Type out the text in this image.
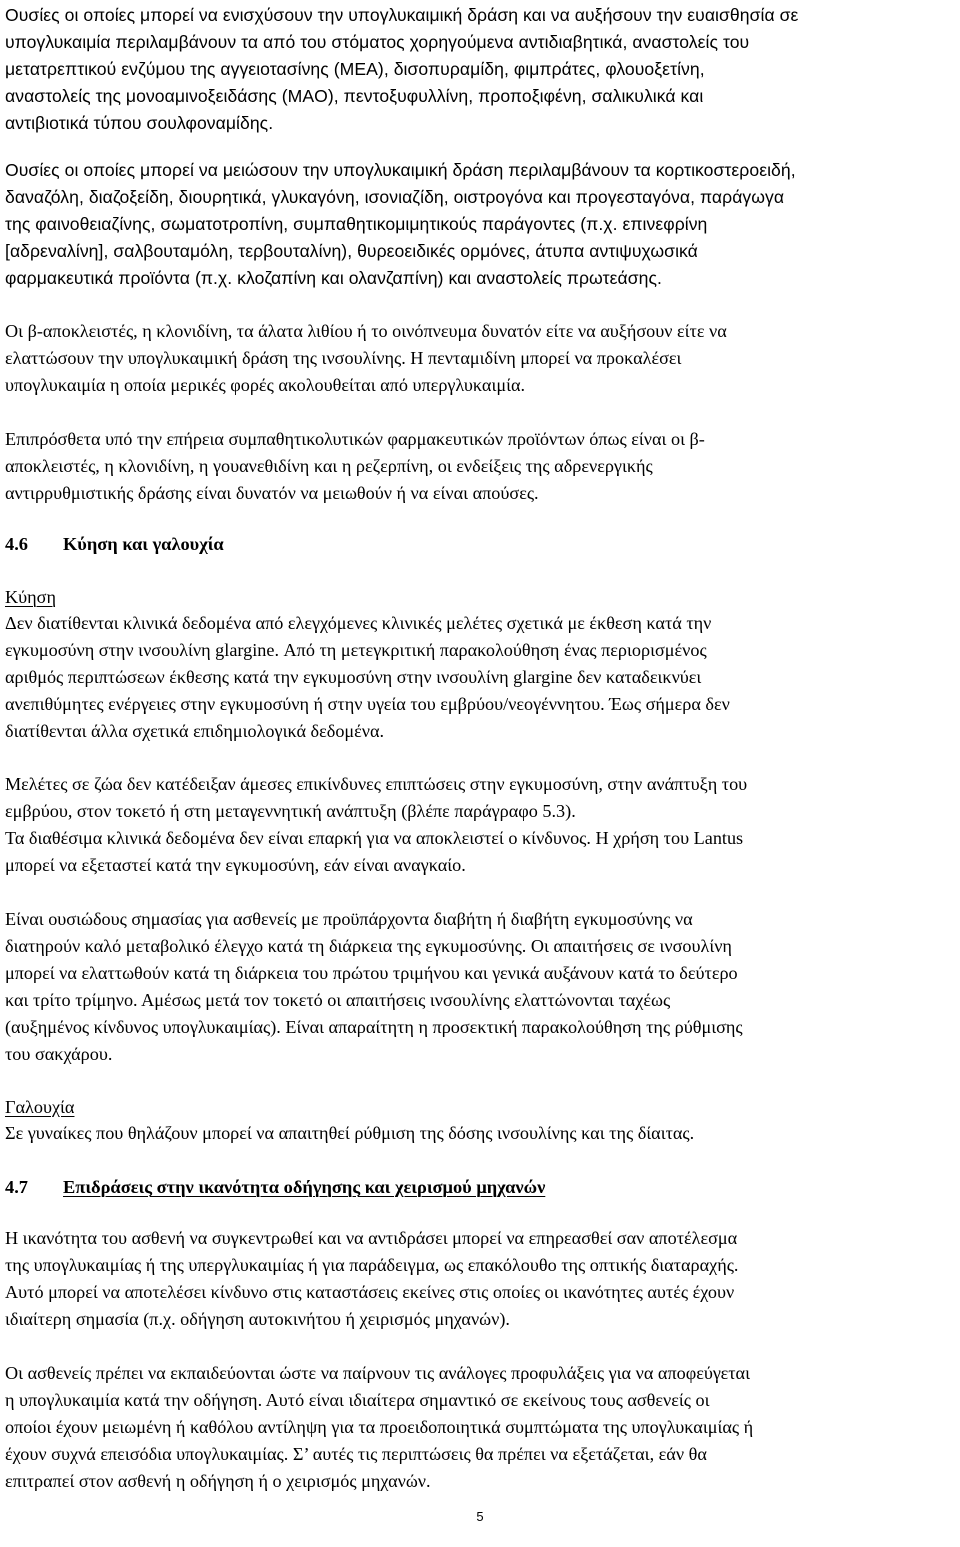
Ουσίες οι οποίες μπορεί να ενισχύσουν την υπογλυκαιμική δράση και να αυξήσουν την ευαισθησία σε
υπογλυκαιμία περιλαμβάνουν τα από του στόματος χορηγούμενα αντιδιαβητικά, αναστολείς του
μετατρεπτικού ενζύμου της αγγειοτασίνης (MEA), δισοπυραμίδη, φιμπράτες, φλουοξετίνη,
αναστολείς της μονοαμινοξειδάσης (MAO), πεντοξυφυλλίνη, προποξιφένη, σαλικυλικά και
αντιβιοτικά τύπου σουλφοναμίδης.
Ουσίες οι οποίες μπορεί να μειώσουν την υπογλυκαιμική δράση περιλαμβάνουν τα κορτικοστεροειδή,
δαναζόλη, διαζοξείδη, διουρητικά, γλυκαγόνη, ισονιαζίδη, οιστρογόνα και προγεσταγόνα, παράγωγα
της φαινοθειαζίνης, σωματοτροπίνη, συμπαθητικομιμητικούς παράγοντες (π.χ. επινεφρίνη
[αδρεναλίνη], σαλβουταμόλη, τερβουταλίνη), θυρεοειδικές ορμόνες, άτυπα αντιψυχωσικά
φαρμακευτικά προϊόντα (π.χ. κλοζαπίνη και ολανζαπίνη) και αναστολείς πρωτεάσης.
Οι β-αποκλειστές, η κλονιδίνη, τα άλατα λιθίου ή το οινόπνευμα δυνατόν είτε να αυξήσουν είτε να
ελαττώσουν την υπογλυκαιμική δράση της ινσουλίνης. Η πενταμιδίνη μπορεί να προκαλέσει
υπογλυκαιμία η οποία μερικές φορές ακολουθείται από υπεργλυκαιμία.
Επιπρόσθετα υπό την επήρεια συμπαθητικολυτικών φαρμακευτικών προϊόντων όπως είναι οι β-
αποκλειστές, η κλονιδίνη, η γουανεθιδίνη και η ρεζερπίνη, οι ενδείξεις της αδρενεργικής
αντιρρυθμιστικής δράσης είναι δυνατόν να μειωθούν ή να είναι απούσες.
4.6 Κύηση και γαλουχία
Κύηση
Δεν διατίθενται κλινικά δεδομένα από ελεγχόμενες κλινικές μελέτες σχετικά με έκθεση κατά την
εγκυμοσύνη στην ινσουλίνη glargine. Από τη μετεγκριτική παρακολούθηση ένας περιορισμένος
αριθμός περιπτώσεων έκθεσης κατά την εγκυμοσύνη στην ινσουλίνη glargine δεν καταδεικνύει
ανεπιθύμητες ενέργειες στην εγκυμοσύνη ή στην υγεία του εμβρύου/νεογέννητου. Έως σήμερα δεν
διατίθενται άλλα σχετικά επιδημιολογικά δεδομένα.
Μελέτες σε ζώα δεν κατέδειξαν άμεσες επικίνδυνες επιπτώσεις στην εγκυμοσύνη, στην ανάπτυξη του
εμβρύου, στον τοκετό ή στη μεταγεννητική ανάπτυξη (βλέπε παράγραφο 5.3).
Τα διαθέσιμα κλινικά δεδομένα δεν είναι επαρκή για να αποκλειστεί ο κίνδυνος. Η χρήση του Lantus
μπορεί να εξεταστεί κατά την εγκυμοσύνη, εάν είναι αναγκαίο.
Είναι ουσιώδους σημασίας για ασθενείς με προϋπάρχοντα διαβήτη ή διαβήτη εγκυμοσύνης να
διατηρούν καλό μεταβολικό έλεγχο κατά τη διάρκεια της εγκυμοσύνης. Οι απαιτήσεις σε ινσουλίνη
μπορεί να ελαττωθούν κατά τη διάρκεια του πρώτου τριμήνου και γενικά αυξάνουν κατά το δεύτερο
και τρίτο τρίμηνο. Αμέσως μετά τον τοκετό οι απαιτήσεις ινσουλίνης ελαττώνονται ταχέως
(αυξημένος κίνδυνος υπογλυκαιμίας). Είναι απαραίτητη η προσεκτική παρακολούθηση της ρύθμισης
του σακχάρου.
Γαλουχία
Σε γυναίκες που θηλάζουν μπορεί να απαιτηθεί ρύθμιση της δόσης ινσουλίνης και της δίαιτας.
4.7 Επιδράσεις στην ικανότητα οδήγησης και χειρισμού μηχανών
Η ικανότητα του ασθενή να συγκεντρωθεί και να αντιδράσει μπορεί να επηρεασθεί σαν αποτέλεσμα
της υπογλυκαιμίας ή της υπεργλυκαιμίας ή για παράδειγμα, ως επακόλουθο της οπτικής διαταραχής.
Αυτό μπορεί να αποτελέσει κίνδυνο στις καταστάσεις εκείνες στις οποίες οι ικανότητες αυτές έχουν
ιδιαίτερη σημασία (π.χ. οδήγηση αυτοκινήτου ή χειρισμός μηχανών).
Οι ασθενείς πρέπει να εκπαιδεύονται ώστε να παίρνουν τις ανάλογες προφυλάξεις για να αποφεύγεται
η υπογλυκαιμία κατά την οδήγηση. Αυτό είναι ιδιαίτερα σημαντικό σε εκείνους τους ασθενείς οι
οποίοι έχουν μειωμένη ή καθόλου αντίληψη για τα προειδοποιητικά συμπτώματα της υπογλυκαιμίας ή
έχουν συχνά επεισόδια υπογλυκαιμίας. Σ’ αυτές τις περιπτώσεις θα πρέπει να εξετάζεται, εάν θα
επιτραπεί στον ασθενή η οδήγηση ή ο χειρισμός μηχανών.
5
